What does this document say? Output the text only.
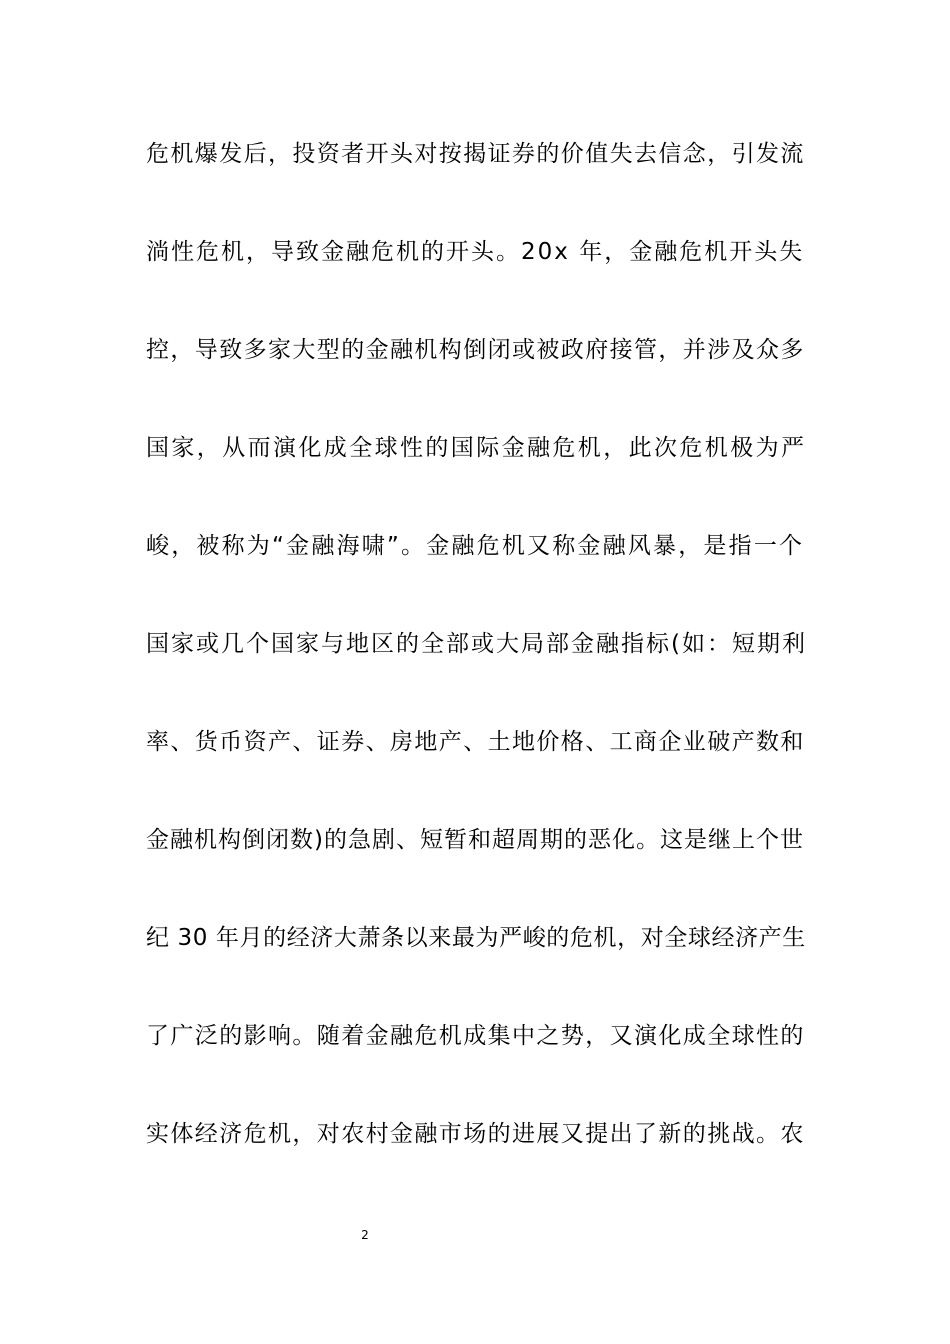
危机爆发后，投资者开头对按揭证券的价值失去信念，引发流
淌性危机，导致金融危机的开头。20x 年，金融危机开头失
控，导致多家大型的金融机构倒闭或被政府接管，并涉及众多
国家，从而演化成全球性的国际金融危机，此次危机极为严
峻，被称为“金融海啸”。金融危机又称金融风暴，是指一个
国家或几个国家与地区的全部或大局部金融指标(如：短期利
率、货币资产、证券、房地产、土地价格、工商企业破产数和
金融机构倒闭数)的急剧、短暂和超周期的恶化。这是继上个世
纪 30 年月的经济大萧条以来最为严峻的危机，对全球经济产生
了广泛的影响。随着金融危机成集中之势，又演化成全球性的
实体经济危机，对农村金融市场的进展又提出了新的挑战。农
2
